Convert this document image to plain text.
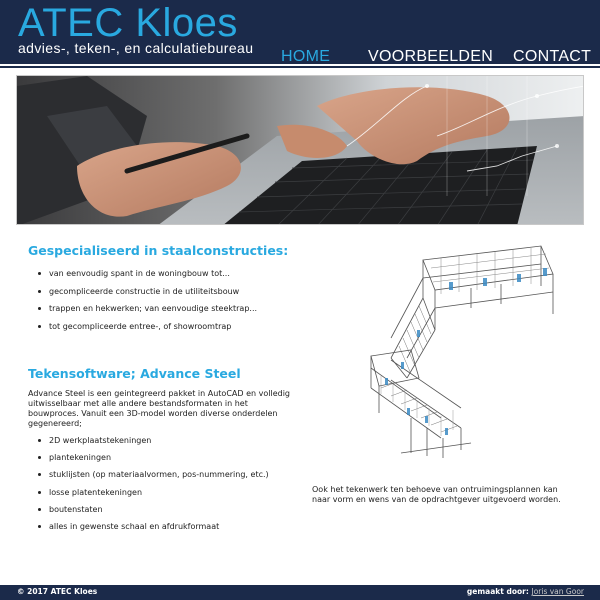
ATEC Kloes
advies-, teken-, en calculatiebureau HOME VOORBEELDEN CONTACT
Gespecialiseerd in staalconstructies:
van eenvoudig spant in de woningbouw tot...
gecompliceerde constructie in de utiliteitsbouw
trappen en hekwerken; van eenvoudige steektrap...
tot gecompliceerde entree-, of showroomtrap
Tekensoftware; Advance Steel

Advance Steel is een geintegreerd pakket in AutoCAD en volledig uitwisselbaar met alle andere bestandsformaten in het bouwproces. Vanuit een 3D-model worden diverse onderdelen gegenereerd;

2D werkplaatstekeningen
plantekeningen
stuklijsten (op materiaalvormen, pos-nummering, etc.)
losse platentekeningen
boutenstaten
alles in gewenste schaal en afdrukformaat

Ook het tekenwerk ten behoeve van ontruimingsplannen kan naar vorm en wens van de opdrachtgever uitgevoerd worden.

© 2017 ATEC Kloes	gemaakt door: Joris van Goor
